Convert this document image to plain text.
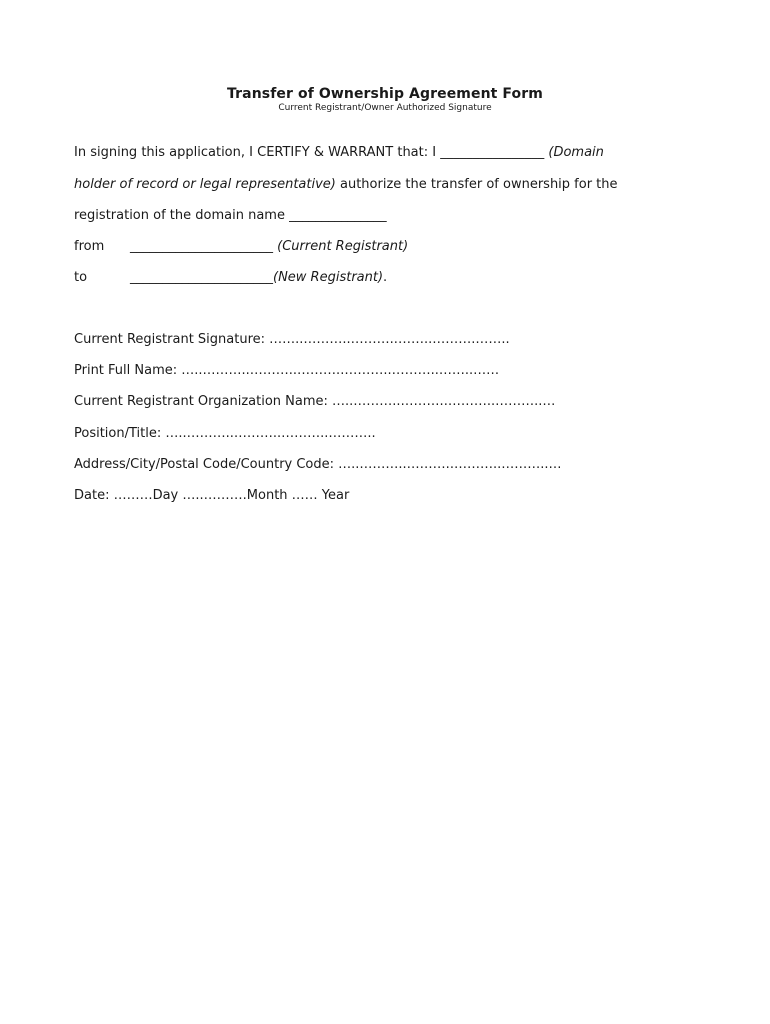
Transfer of Ownership Agreement Form
Current Registrant/Owner Authorized Signature
In signing this application, I CERTIFY & WARRANT that: I ________________ (Domain
holder of record or legal representative) authorize the transfer of ownership for the
registration of the domain name _______________
from ______________________ (Current Registrant)
to	______________________(New Registrant).
Current Registrant Signature: ……..………..………..……..……….……..
Print Full Name: …..………..………..………..………..………..……..……
Current Registrant Organization Name: …..………..………..………..………..…
Position/Title: …..………..………..………..………..
Address/City/Postal Code/Country Code: …..………..………..………..………..…
Date: ………Day …..……….Month …… Year
